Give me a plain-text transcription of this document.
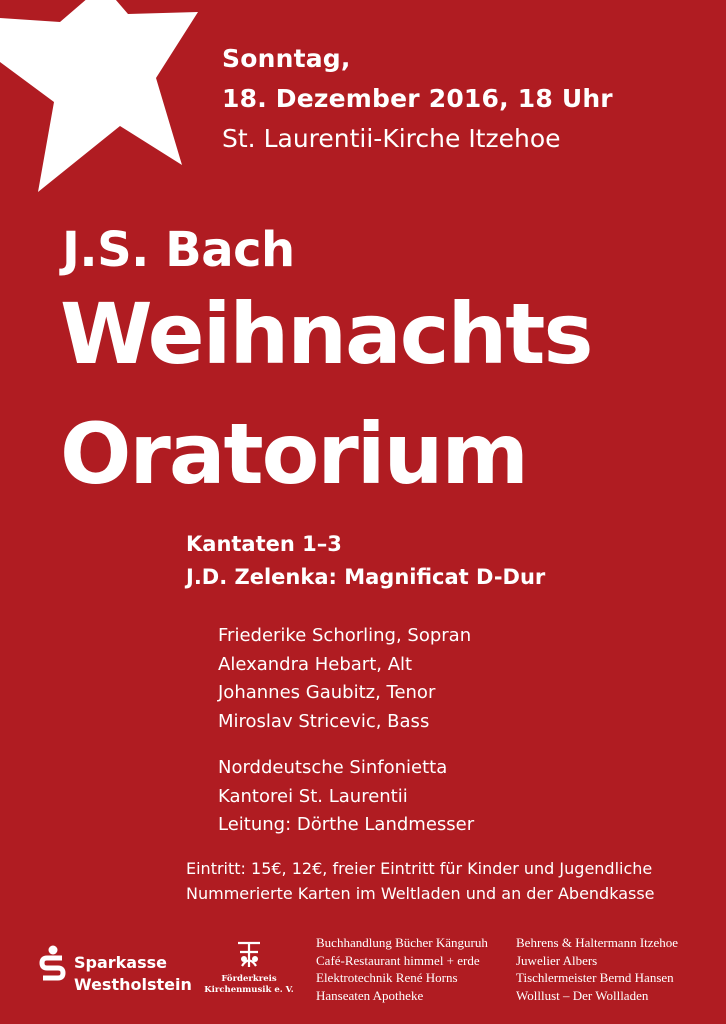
Sonntag,
18. Dezember 2016, 18 Uhr
St. Laurentii-Kirche Itzehoe
J.S. Bach
Weihnachts
Oratorium
Kantaten 1–3
J.D. Zelenka: Magnificat D-Dur
Friederike Schorling, Sopran
Alexandra Hebart, Alt
Johannes Gaubitz, Tenor
Miroslav Stricevic, Bass
Norddeutsche Sinfonietta
Kantorei St. Laurentii
Leitung: Dörthe Landmesser
Eintritt: 15€, 12€, freier Eintritt für Kinder und Jugendliche
Nummerierte Karten im Weltladen und an der Abendkasse
Sparkasse
Westholstein	Förderkreis
Kirchenmusik e. V.
Buchhandlung Bücher Känguruh
Café-Restaurant himmel + erde
Elektrotechnik René Horns
Hanseaten Apotheke
Behrens & Haltermann Itzehoe
Juwelier Albers
Tischlermeister Bernd Hansen
Wolllust – Der Wollladen
